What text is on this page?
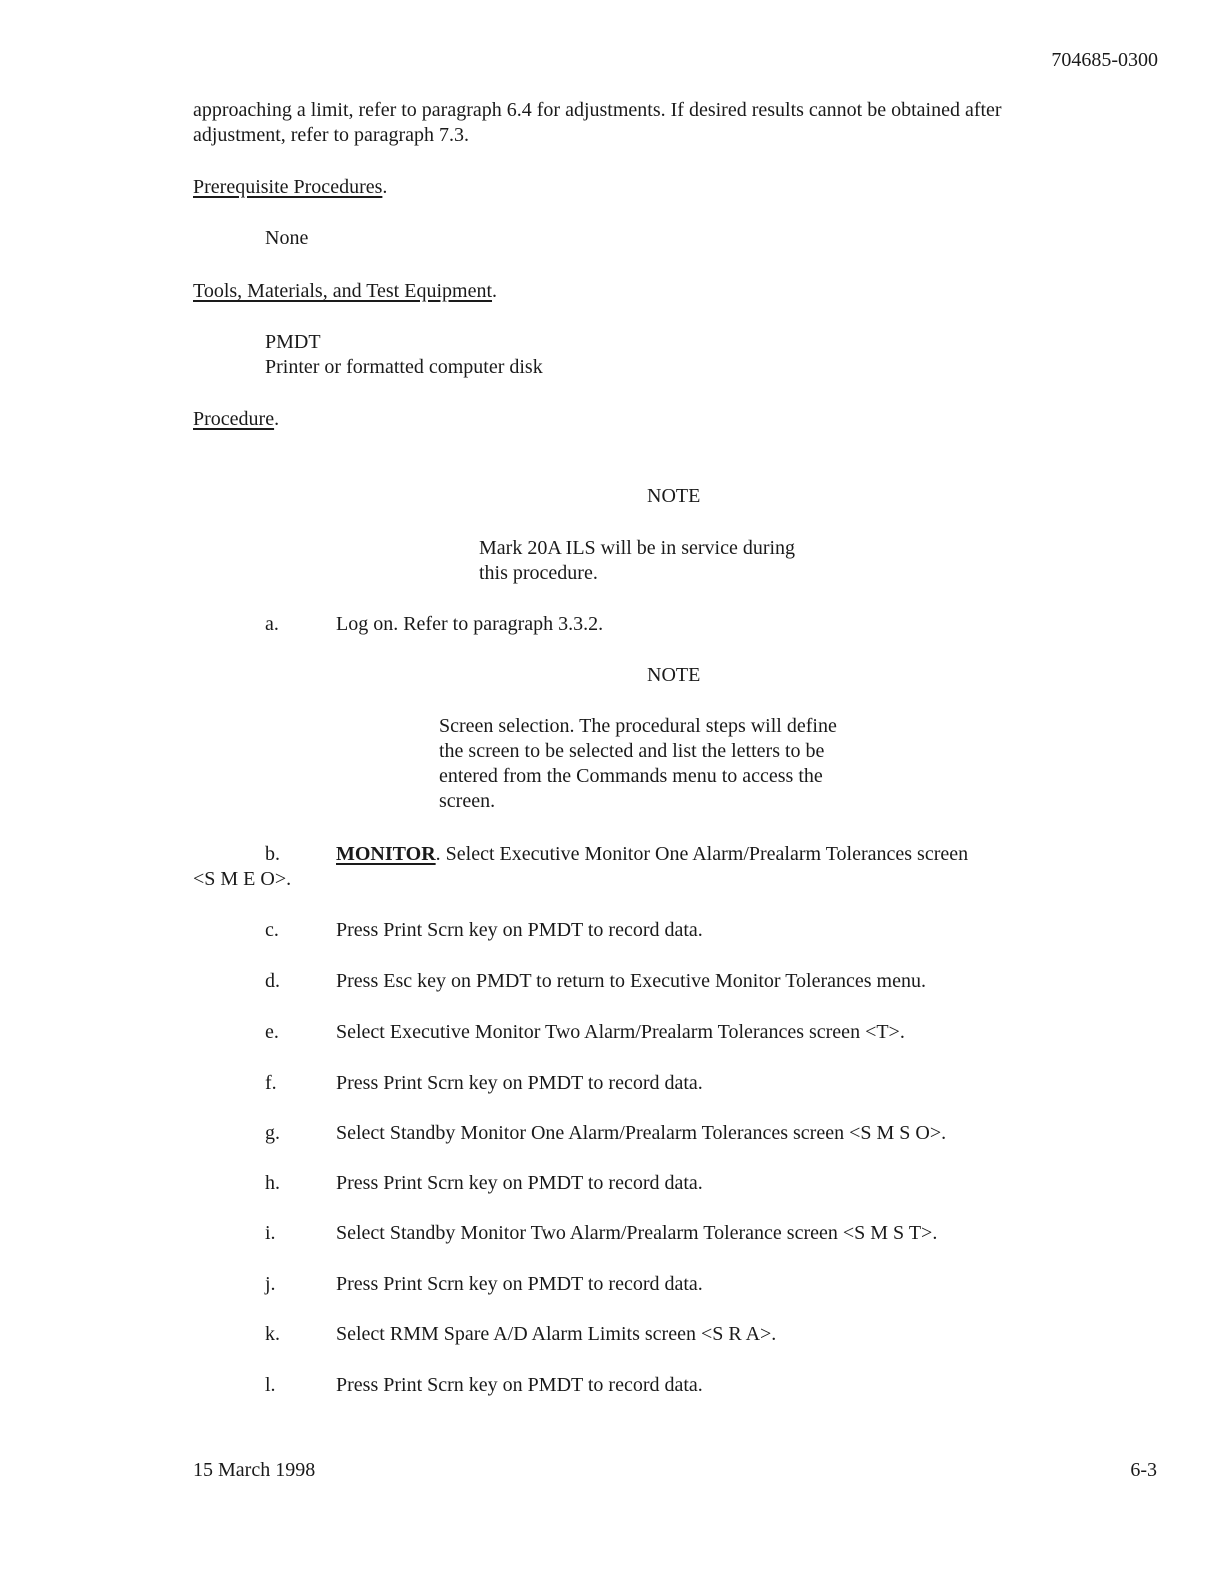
704685-0300
approaching a limit, refer to paragraph 6.4 for adjustments. If desired results cannot be obtained after
adjustment, refer to paragraph 7.3.
Prerequisite Procedures.
None
Tools, Materials, and Test Equipment.
PMDT
Printer or formatted computer disk
Procedure.
NOTE
Mark 20A ILS will be in service during
this procedure.
a.	Log on. Refer to paragraph 3.3.2.
NOTE
Screen selection. The procedural steps will define
the screen to be selected and list the letters to be
entered from the Commands menu to access the
screen.
b.	MONITOR. Select Executive Monitor One Alarm/Prealarm Tolerances screen
<S M E O>.
c.	Press Print Scrn key on PMDT to record data.
d.	Press Esc key on PMDT to return to Executive Monitor Tolerances menu.
e.	Select Executive Monitor Two Alarm/Prealarm Tolerances screen <T>.
f.	Press Print Scrn key on PMDT to record data.
g.	Select Standby Monitor One Alarm/Prealarm Tolerances screen <S M S O>.
h.	Press Print Scrn key on PMDT to record data.
i.	Select Standby Monitor Two Alarm/Prealarm Tolerance screen <S M S T>.
j.	Press Print Scrn key on PMDT to record data.
k.	Select RMM Spare A/D Alarm Limits screen <S R A>.
l.	Press Print Scrn key on PMDT to record data.
15 March 1998	6-3
